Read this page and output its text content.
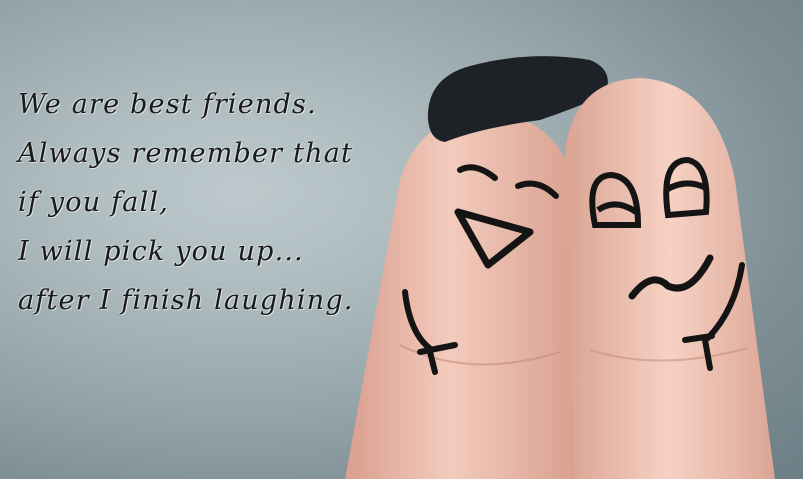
We are best friends.
Always remember that
if you fall,
I will pick you up...
after I finish laughing.
